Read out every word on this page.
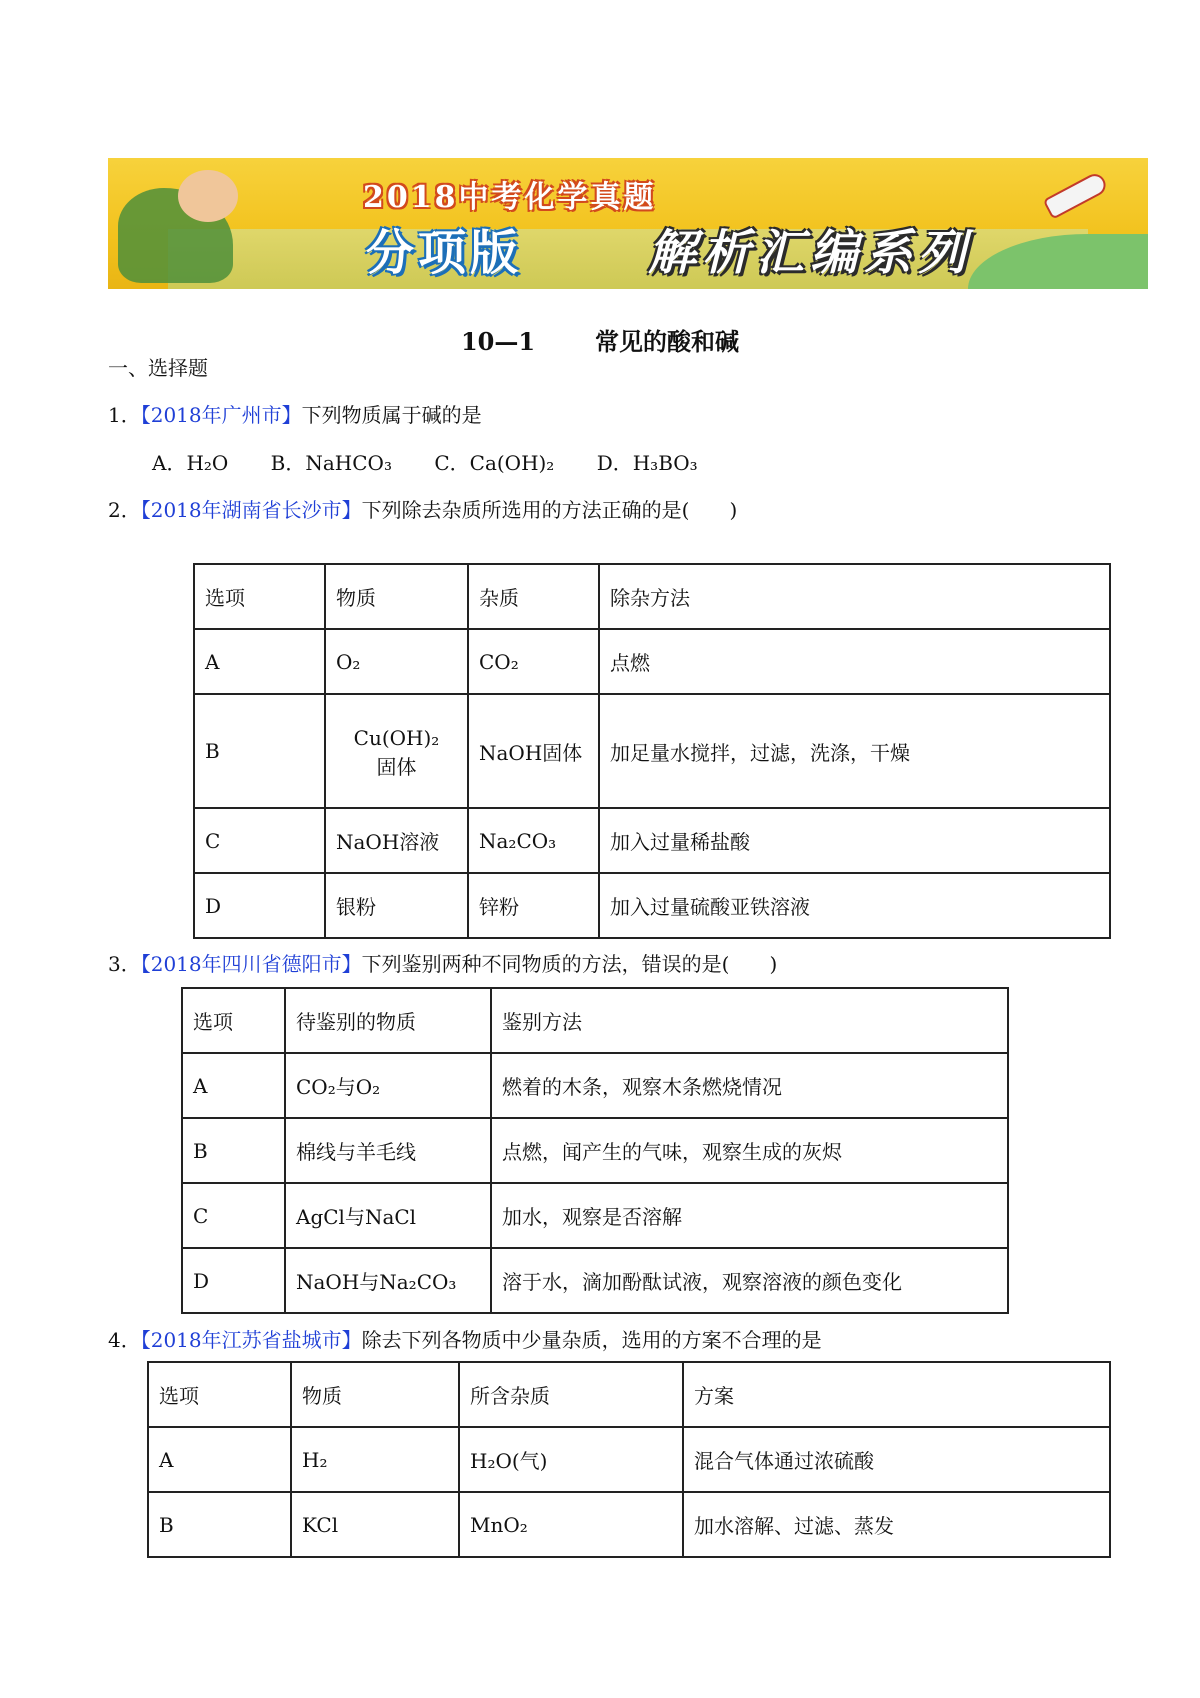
2018中考化学真题
分项版	解析汇编系列
10—1	常见的酸和碱
一、选择题
1．【2018年广州市】下列物质属于碱的是
A．H₂O B．NaHCO₃ C．Ca(OH)₂ D．H₃BO₃
2．【2018年湖南省长沙市】下列除去杂质所选用的方法正确的是(　　)
选项	物质	杂质	除杂方法
A	O₂	CO₂	点燃
B	Cu(OH)₂　固体	NaOH固体	加足量水搅拌，过滤，洗涤，干燥
C	NaOH溶液	Na₂CO₃	加入过量稀盐酸
D	银粉	锌粉	加入过量硫酸亚铁溶液
3．【2018年四川省德阳市】下列鉴别两种不同物质的方法，错误的是(　　)
选项	待鉴别的物质	鉴别方法
A	CO₂与O₂	燃着的木条，观察木条燃烧情况
B	棉线与羊毛线	点燃，闻产生的气味，观察生成的灰烬
C	AgCl与NaCl	加水，观察是否溶解
D	NaOH与Na₂CO₃	溶于水，滴加酚酞试液，观察溶液的颜色变化
4．【2018年江苏省盐城市】除去下列各物质中少量杂质，选用的方案不合理的是
选项	物质	所含杂质	方案
A	H₂	H₂O(气)	混合气体通过浓硫酸
B	KCl	MnO₂	加水溶解、过滤、蒸发
